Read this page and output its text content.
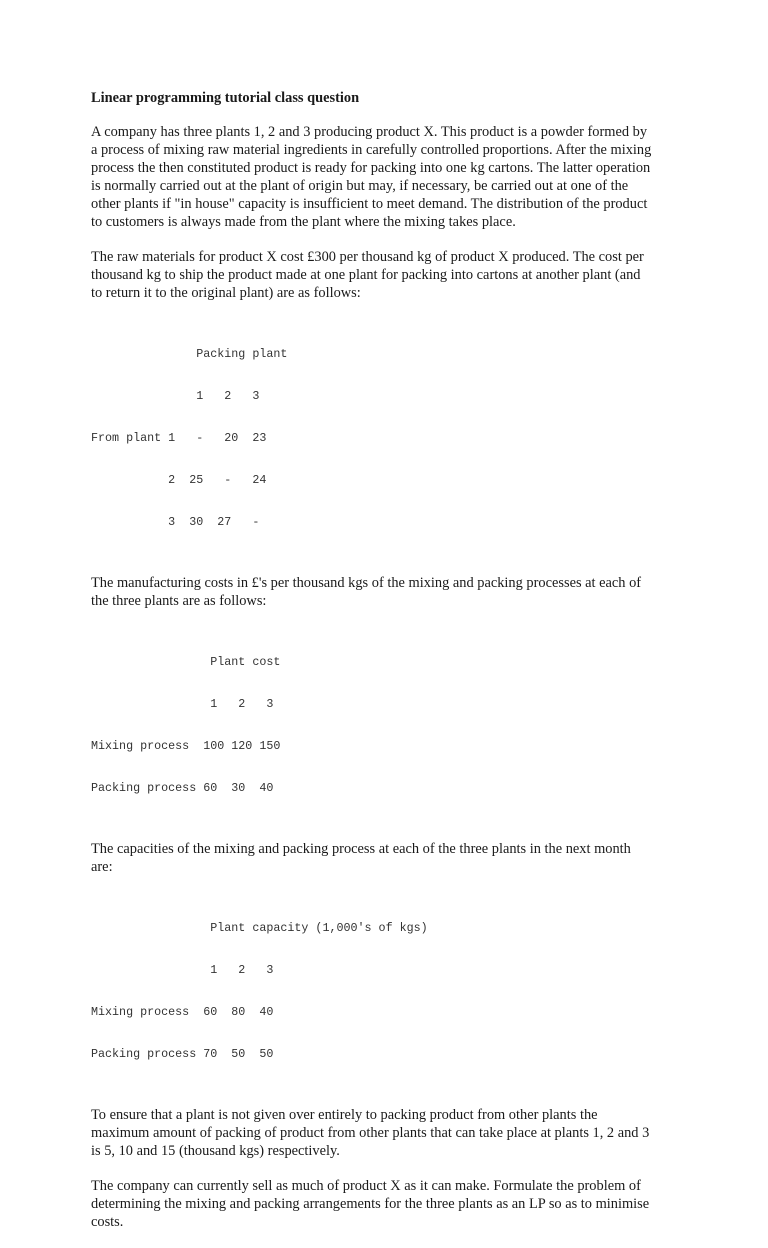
Linear programming tutorial class question
A company has three plants 1, 2 and 3 producing product X. This product is a powder formed by
a process of mixing raw material ingredients in carefully controlled proportions. After the mixing
process the then constituted product is ready for packing into one kg cartons. The latter operation
is normally carried out at the plant of origin but may, if necessary, be carried out at one of the
other plants if "in house" capacity is insufficient to meet demand. The distribution of the product
to customers is always made from the plant where the mixing takes place.
The raw materials for product X cost £300 per thousand kg of product X produced. The cost per
thousand kg to ship the product made at one plant for packing into cartons at another plant (and
to return it to the original plant) are as follows:

Packing plant

1   2   3

From plant 1   -   20  23

2  25   -   24

3  30  27   -

The manufacturing costs in £'s per thousand kgs of the mixing and packing processes at each of
the three plants are as follows:

Plant cost

1   2   3

Mixing process  100 120 150

Packing process 60  30  40

The capacities of the mixing and packing process at each of the three plants in the next month
are:

Plant capacity (1,000's of kgs)

1   2   3

Mixing process  60  80  40

Packing process 70  50  50

To ensure that a plant is not given over entirely to packing product from other plants the
maximum amount of packing of product from other plants that can take place at plants 1, 2 and 3
is 5, 10 and 15 (thousand kgs) respectively.
The company can currently sell as much of product X as it can make. Formulate the problem of
determining the mixing and packing arrangements for the three plants as an LP so as to minimise
costs.
